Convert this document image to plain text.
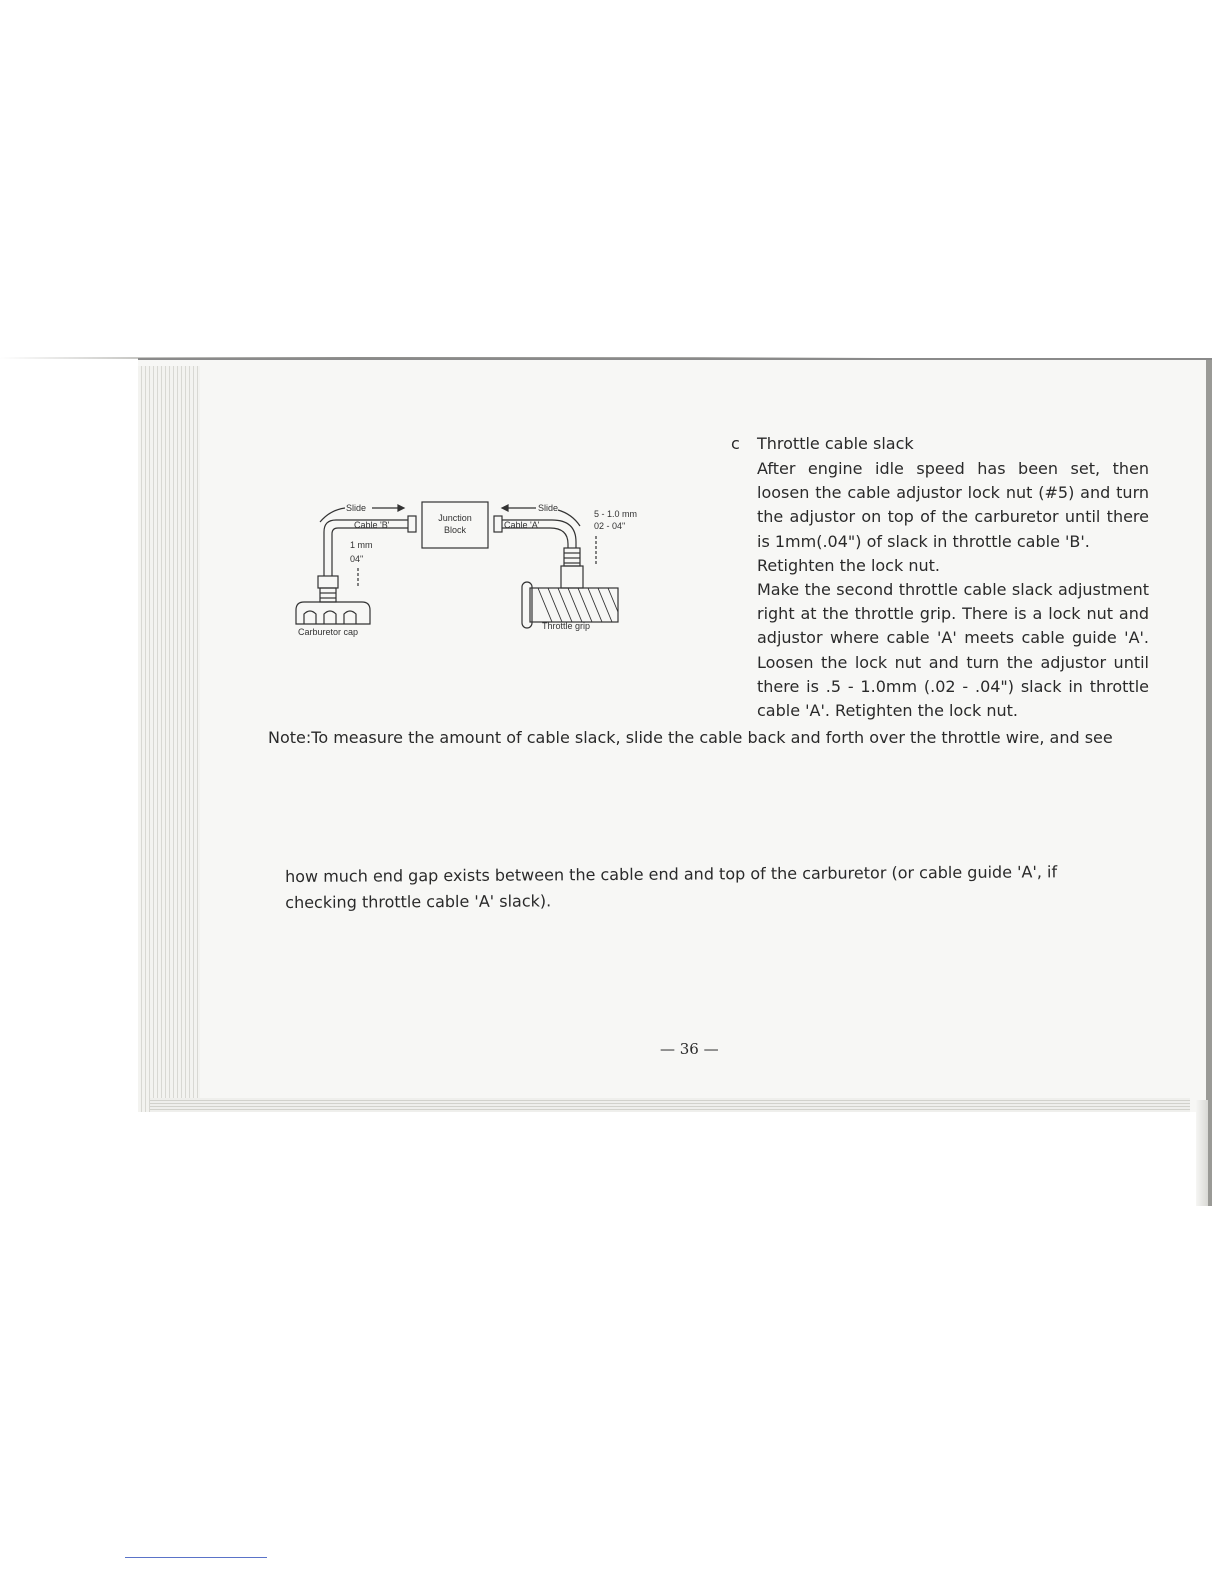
Slide
Cable 'B'
Junction
Block
Slide
Cable 'A'
5 - 1.0 mm
02 - 04"
1 mm
04"
Carburetor cap
Throttle grip
c Throttle cable slack

After engine idle speed has been set, then loosen the cable adjustor lock nut (#5) and turn the adjustor on top of the carburetor until there is 1mm(.04") of slack in throttle cable 'B'.

Retighten the lock nut.

Make the second throttle cable slack adjustment right at the throttle grip. There is a lock nut and adjustor where cable 'A' meets cable guide 'A'. Loosen the lock nut and turn the adjustor until there is .5 - 1.0mm (.02 - .04") slack in throttle cable 'A'. Retighten the lock nut.

Note:To measure the amount of cable slack, slide the cable back and forth over the throttle wire, and see

how much end gap exists between the cable end and top of the carburetor (or cable guide 'A', if checking throttle cable 'A' slack).

— 36 —
